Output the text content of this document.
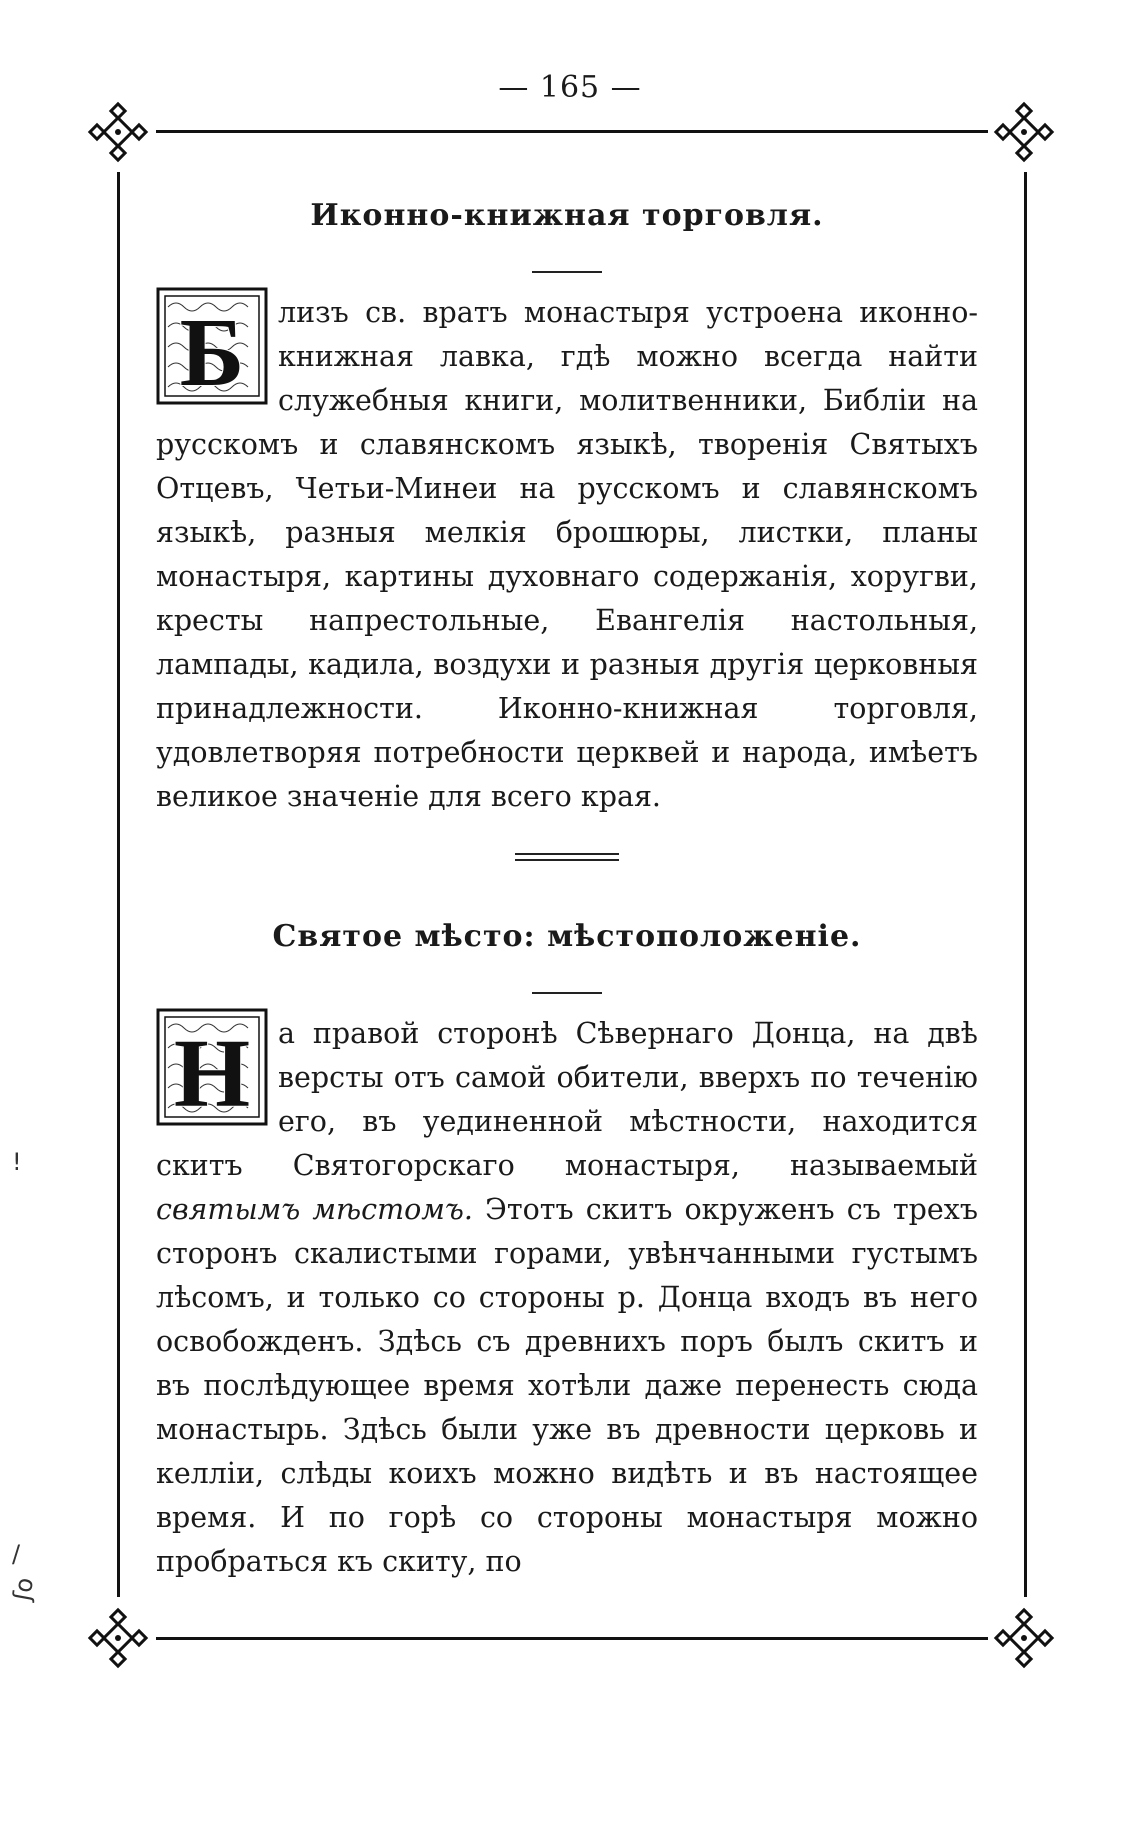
— 165 —
Иконно-книжная торговля.

Б лизъ св. вратъ монастыря устроена иконно-книжная лавка, гдѣ можно всегда найти служебныя книги, молитвенники, Библіи на русскомъ и славянскомъ языкѣ, творенія Святыхъ Отцевъ, Четьи-Минеи на русскомъ и славянскомъ языкѣ, разныя мелкія брошюры, листки, планы монастыря, картины духовнаго содержанія, хоругви, кресты напрестольные, Евангелія настольныя, лампады, кадила, воздухи и разныя другія церковныя принадлежности. Иконно-книжная торговля, удовлетворяя потребности церквей и народа, имѣетъ великое значеніе для всего края.

Святое мѣсто: мѣстоположеніе.

Н а правой сторонѣ Сѣвернаго Донца, на двѣ версты отъ самой обители, вверхъ по теченію его, въ уединенной мѣстности, находится скитъ Святогорскаго монастыря, называемый святымъ мѣстомъ. Этотъ скитъ окруженъ съ трехъ сторонъ скалистыми горами, увѣнчанными густымъ лѣсомъ, и только со стороны р. Донца входъ въ него освобожденъ. Здѣсь съ древнихъ поръ былъ скитъ и въ послѣдующее время хотѣли даже перенесть сюда монастырь. Здѣсь были уже въ древности церковь и келліи, слѣды коихъ можно видѣть и въ настоящее время. И по горѣ со стороны монастыря можно пробраться къ скиту, по

!
/
ʃo
